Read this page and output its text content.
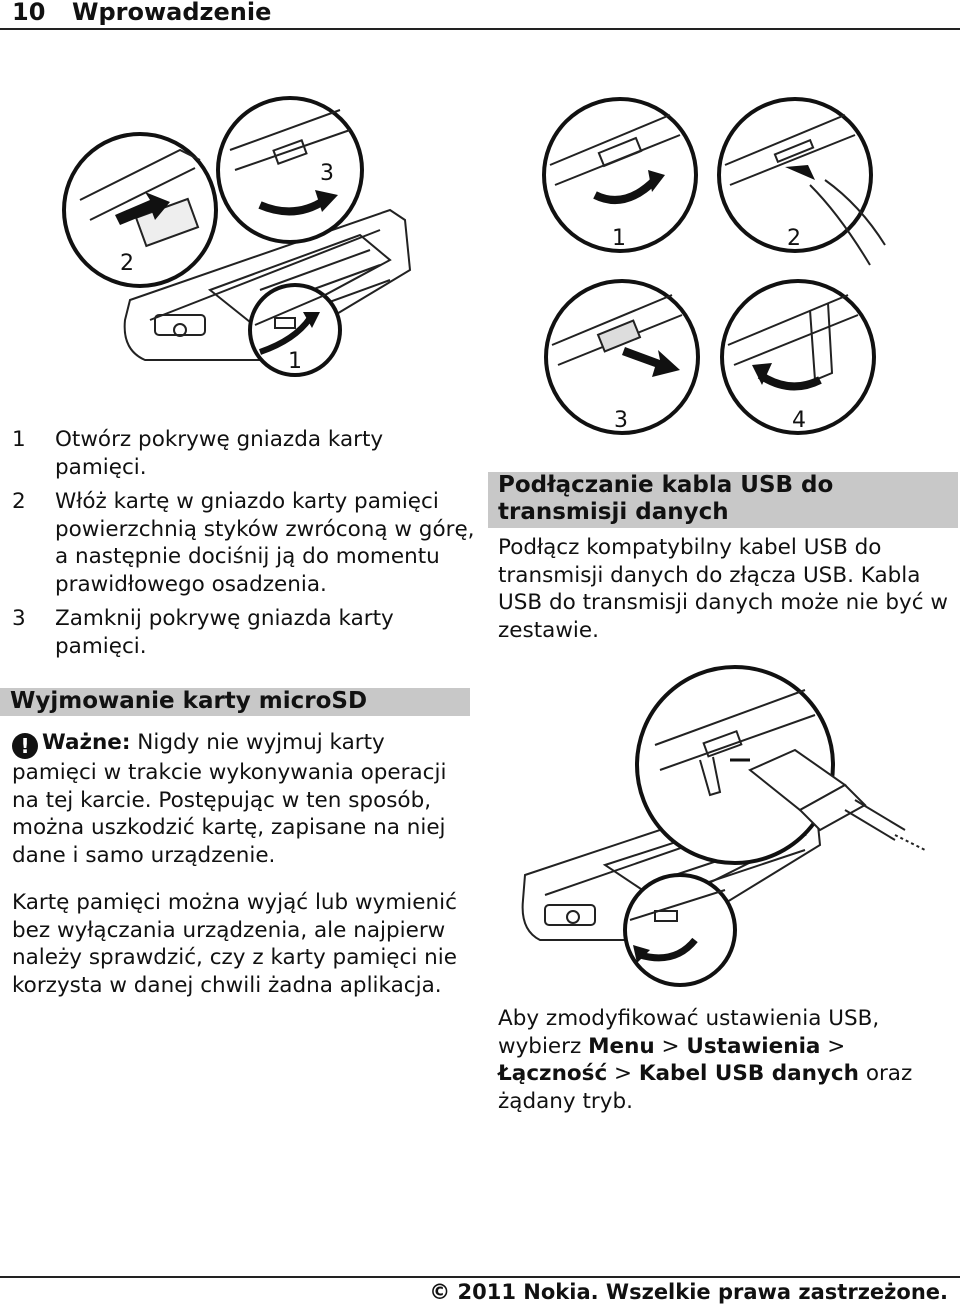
10 Wprowadzenie
2
3
1
1	2
3	4
1 Otwórz pokrywę gniazda karty pamięci.
2 Włóż kartę w gniazdo karty pamięci powierzchnią styków zwróconą w górę, a następnie dociśnij ją do momentu prawidłowego osadzenia.
3 Zamknij pokrywę gniazda karty pamięci.
Wyjmowanie karty microSD
! Ważne: Nigdy nie wyjmuj karty pamięci w trakcie wykonywania operacji na tej karcie. Postępując w ten sposób, można uszkodzić kartę, zapisane na niej dane i samo urządzenie.
Kartę pamięci można wyjąć lub wymienić bez wyłączania urządzenia, ale najpierw należy sprawdzić, czy z karty pamięci nie korzysta w danej chwili żadna aplikacja.
Podłączanie kabla USB do transmisji danych
Podłącz kompatybilny kabel USB do transmisji danych do złącza USB. Kabla USB do transmisji danych może nie być w zestawie.
Aby zmodyfikować ustawienia USB, wybierz Menu > Ustawienia > Łączność > Kabel USB danych oraz żądany tryb.
© 2011 Nokia. Wszelkie prawa zastrzeżone.
